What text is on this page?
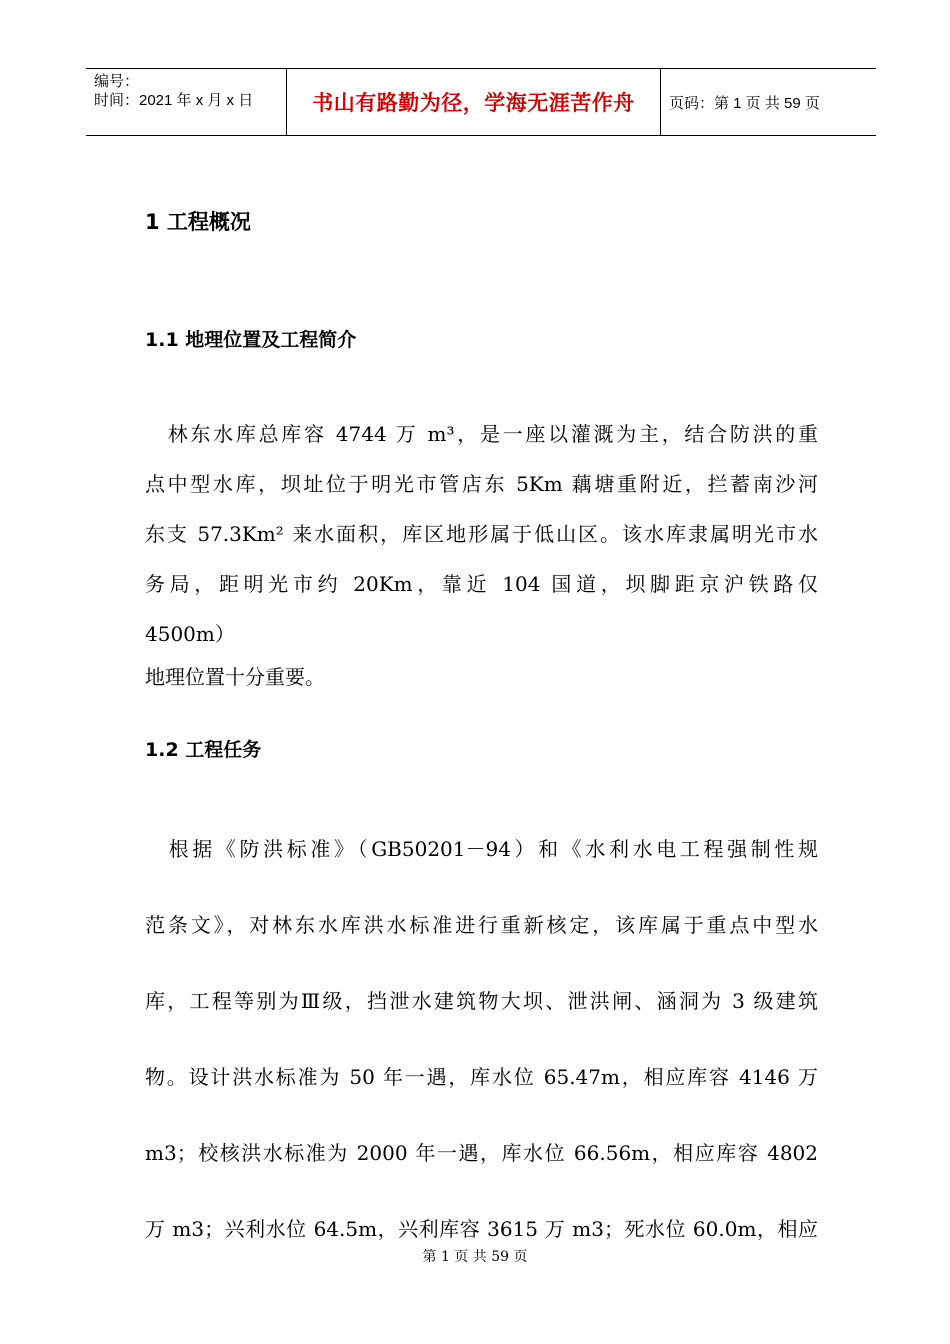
编号：
时间：2021 年 x 月 x 日	书山有路勤为径，学海无涯苦作舟 页码：第 1 页 共 59 页
1 工程概况
1.1 地理位置及工程简介
　林东水库总库容 4744 万 m³，是一座以灌溉为主，结合防洪的重
点中型水库，坝址位于明光市管店东 5Km 藕塘重附近，拦蓄南沙河
东支 57.3Km² 来水面积，库区地形属于低山区。该水库隶属明光市水
务局，距明光市约 20Km，靠近 104 国道，坝脚距京沪铁路仅
4500m）
地理位置十分重要。
1.2 工程任务
　根据《防洪标准》（GB50201－94）和《水利水电工程强制性规
范条文》，对林东水库洪水标准进行重新核定，该库属于重点中型水
库，工程等别为Ⅲ级，挡泄水建筑物大坝、泄洪闸、涵洞为 3 级建筑
物。设计洪水标准为 50 年一遇，库水位 65.47m，相应库容 4146 万
m3；校核洪水标准为 2000 年一遇，库水位 66.56m，相应库容 4802
万 m3；兴利水位 64.5m，兴利库容 3615 万 m3；死水位 60.0m，相应
第 1 页 共 59 页
